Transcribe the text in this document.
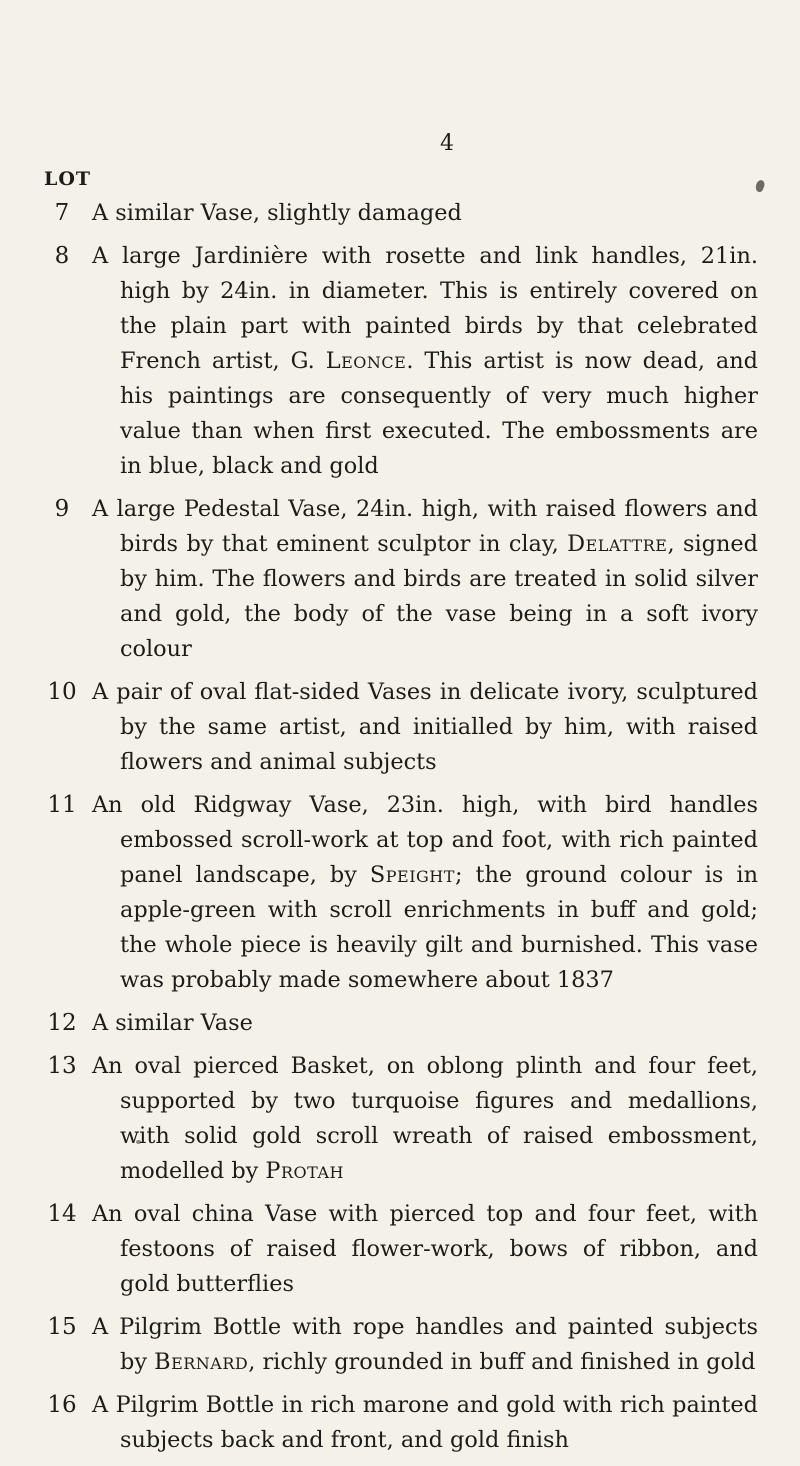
4
LOT
7	A similar Vase, slightly damaged
8	A large Jardinière with rosette and link handles, 21in. high by 24in. in diameter. This is entirely covered on the plain part with painted birds by that celebrated French artist, G. Leonce. This artist is now dead, and his paintings are consequently of very much higher value than when first executed. The embossments are in blue, black and gold
9	A large Pedestal Vase, 24in. high, with raised flowers and birds by that eminent sculptor in clay, Delattre, signed by him. The flowers and birds are treated in solid silver and gold, the body of the vase being in a soft ivory colour
10 A pair of oval flat-sided Vases in delicate ivory, sculptured by the same artist, and initialled by him, with raised flowers and animal subjects
11 An old Ridgway Vase, 23in. high, with bird handles embossed scroll-work at top and foot, with rich painted panel landscape, by Speight; the ground colour is in apple-green with scroll enrichments in buff and gold; the whole piece is heavily gilt and burnished. This vase was probably made somewhere about 1837
12 A similar Vase
13 An oval pierced Basket, on oblong plinth and four feet, supported by two turquoise figures and medallions, with solid gold scroll wreath of raised embossment, modelled by Protah
14 An oval china Vase with pierced top and four feet, with festoons of raised flower-work, bows of ribbon, and gold butterflies
15 A Pilgrim Bottle with rope handles and painted subjects by Bernard, richly grounded in buff and finished in gold
16 A Pilgrim Bottle in rich marone and gold with rich painted subjects back and front, and gold finish
